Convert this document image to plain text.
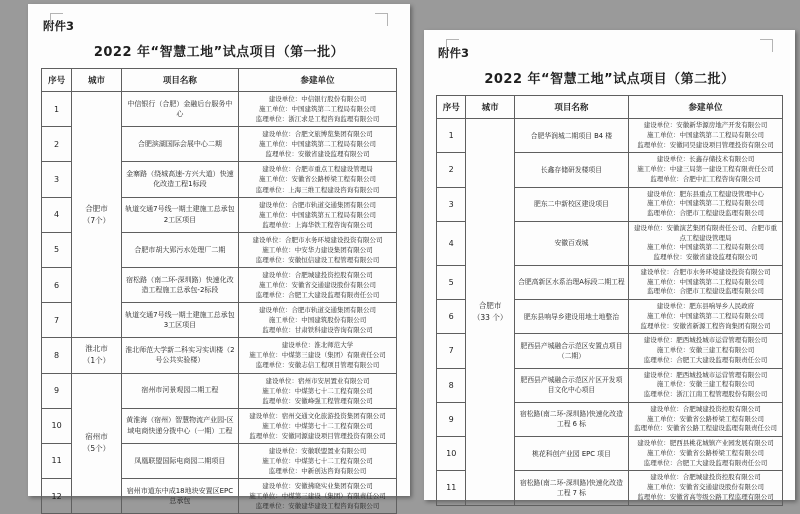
附件3
2022 年“智慧工地”试点项目（第一批）
序号	城市	项目名称	参建单位
1	
合肥市
（7个）
	中信银行（合肥）金融后台服务中心	
建设单位：中信银行股份有限公司
施工单位：中国建筑第二工程局有限公司
监理单位：浙江求是工程咨询监理有限公司

2		合肥滨湖国际会展中心二期	建设单位：合肥文旅博览集团有限公司
施工单位：中国建筑第二工程局有限公司
监理单位：安徽省建设监理有限公司

3		金寨路（绕城高速-方兴大道）快速化改造工程1标段	建设单位：合肥市重点工程建设管理局
施工单位：安徽省公路桥梁工程有限公司
监理单位：上海三维工程建设咨询有限公司

4		轨道交通7号线一期土建施工总承包2工区项目	建设单位：合肥市轨道交通集团有限公司
施工单位：中国建筑第五工程局有限公司
监理单位：上海华铁工程咨询有限公司

5		合肥市胡大郢污水处理厂二期	建设单位：合肥市水务环境建设投资有限公司
施工单位：中安华力建设集团有限公司
监理单位：安徽恒信建设工程管理有限公司

6		宿松路（南二环-深圳路）快速化改造工程施工总承包-2标段	建设单位：合肥城建投资控股有限公司
施工单位：安徽省交通建设股份有限公司
监理单位：合肥工大建设监理有限责任公司

7		轨道交通7号线一期土建施工总承包3工区项目	建设单位：合肥市轨道交通集团有限公司
施工单位：中国建筑股份有限公司
监理单位：甘肃铁科建设咨询有限公司

8	
淮北市
（1个）
	淮北师范大学新二科实习实训楼（2号公共实验楼）	
建设单位：淮北师范大学
施工单位：中煤第三建设（集团）有限责任公司
监理单位：安徽志信工程项目管理有限公司

9	
宿州市
（5个）
	宿州市河景观园二期工程	
建设单位：宿州市安居置业有限公司
施工单位：中煤第七十二工程有限公司
监理单位：安徽峰强工程管理有限公司

10		黄淮海（宿州）智慧物流产业园-区域电商快递分拨中心（一期）工程	建设单位：宿州交通文化旅游投资集团有限公司
施工单位：中煤第七十二工程有限公司
监理单位：安徽同源建设项目管理投资有限公司

11		凤凰联盟国际电商园二期项目	建设单位：安徽联盟置业有限公司
施工单位：中煤第七十二工程有限公司
监理单位：中新创达咨询有限公司

12		宿州市道东中成18地块安置区EPC总承包	建设单位：安徽拂晓实业集团有限公司
施工单位：中煤第三建设（集团）有限责任公司
监理单位：安徽建华建设工程咨询有限公司
附件3
2022 年“智慧工地”试点项目（第二批）
序号	城市	项目名称	参建单位
1	
合肥市
（33 个）
	合肥华润城二期项目 B4 楼	
建设单位：安徽新华源房地产开发有限公司
施工单位：中国建筑第二工程局有限公司
监理单位：安徽同昊建设项目管理投资有限公司

2		长鑫存储研发楼项目	建设单位：长鑫存储技术有限公司
施工单位：中建三局第一建设工程有限责任公司
监理单位：合肥中汇工程咨询有限公司

3		肥东二中新校区建设项目	建设单位：肥东县重点工程建设管理中心
施工单位：中国建筑第二工程局有限公司
监理单位：合肥市工程建设监理有限公司

4		安徽百戏城	建设单位：安徽演艺集团有限责任公司、合肥市重点工程建设管理局
施工单位：中国建筑第二工程局有限公司
监理单位：安徽省建设监理有限公司

5		合肥高新区水系治理A标段二期工程	建设单位：合肥市水务环境建设投资有限公司
施工单位：中国建筑第二工程局有限公司
监理单位：合肥市工程建设监理有限公司

6		肥东县响导乡建设用地土地整治	建设单位：肥东县响导乡人民政府
施工单位：中国建筑第二工程局有限公司
监理单位：安徽省新源工程咨询集团有限公司

7		肥西县产城融合示范区安置点项目（二期）	建设单位：肥西城投城市运营管理有限公司
施工单位：安徽三建工程有限公司
监理单位：合肥工大建设监理有限责任公司

8		肥西县产城融合示范区片区开发项目文化中心项目	建设单位：肥西城投城市运营管理有限公司
施工单位：安徽三建工程有限公司
监理单位：浙江江南工程管理股份有限公司

9		宿松路(南二环-深圳路)快速化改造工程 6 标	建设单位：合肥城建投资控股有限公司
施工单位：安徽省公路桥梁工程有限公司
监理单位：安徽省公路工程建设监理有限责任公司

10		桃花科创产业园 EPC 项目	建设单位：肥西县桃花城镇产业园发展有限公司
施工单位：安徽省公路桥梁工程有限公司
监理单位：合肥工大建设监理有限责任公司

11		宿松路(南二环-深圳路)快速化改造工程 7 标	建设单位：合肥城建投资控股有限公司
施工单位：安徽省交通建设股份有限公司
监理单位：安徽省高等级公路工程监理有限公司
